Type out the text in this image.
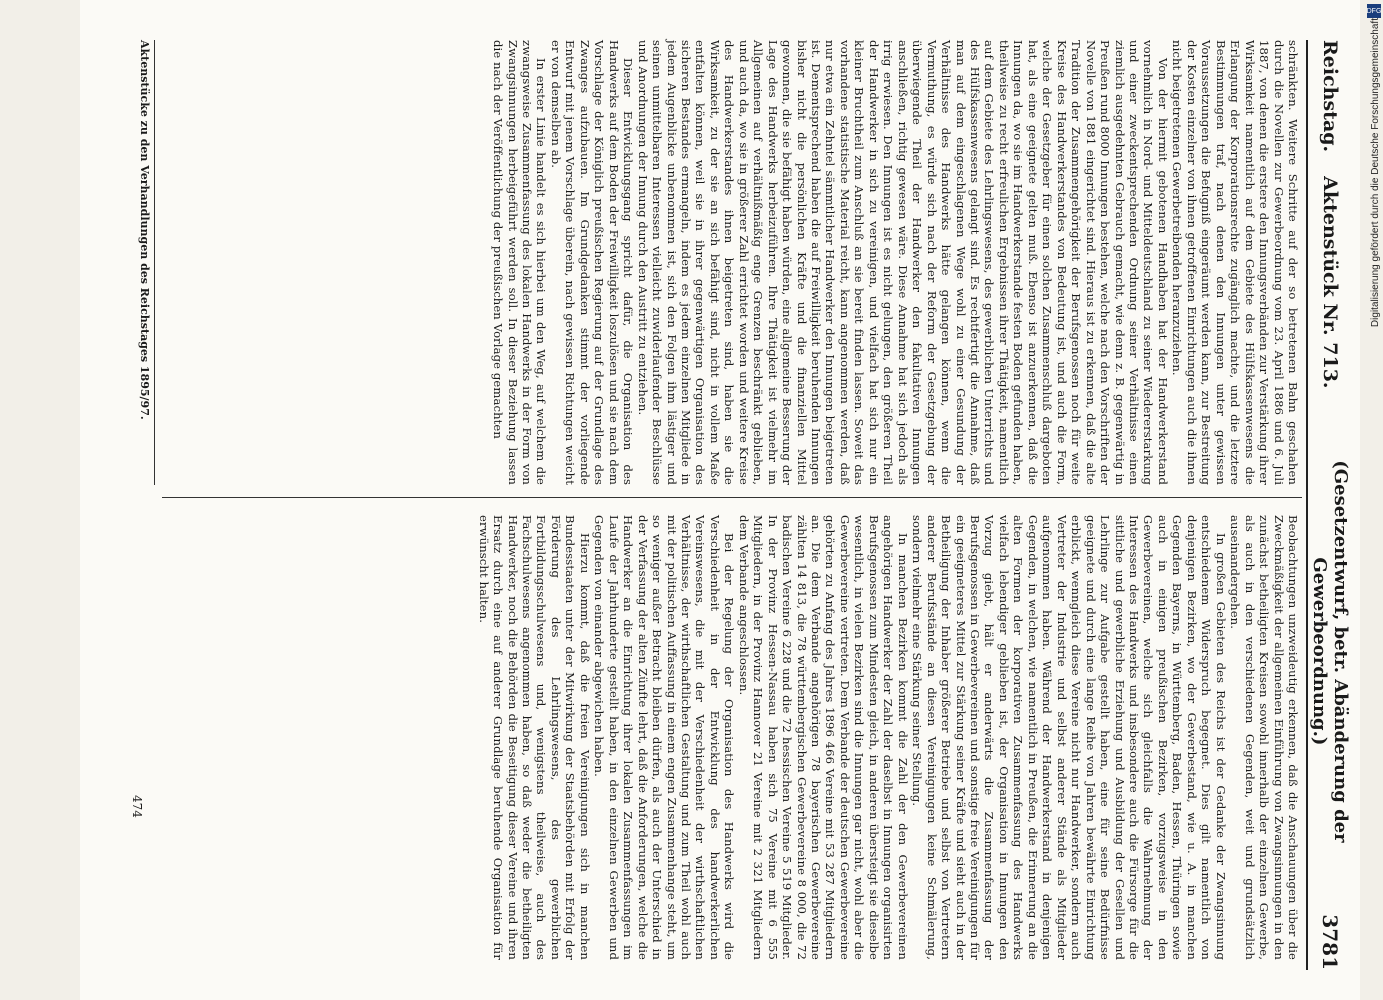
Reichstag.
Aktenstück Nr. 713.
(Gesetzentwurf, betr. Abänderung der Gewerbeordnung.)
3781

schränkten. Weitere Schritte auf der so betretenen Bahn geschahen durch die Novellen zur Gewerbeordnung vom 23. April 1886 und 6. Juli 1887, von denen die erstere den Innungsverbänden zur Verstärkung ihrer Wirksamkeit namentlich auf dem Gebiete des Hülfskassenwesens die Erlangung der Korporationsrechte zugänglich machte, und die letztere Bestimmungen traf, nach denen den Innungen unter gewissen Voraussetzungen die Befugniß eingeräumt werden kann, zur Bestreitung der Kosten einzelner von ihnen getroffenen Einrichtungen auch die ihnen nicht beigetretenen Gewerbetreibenden heranzuziehen.

Von der hiermit gebotenen Handhaben hat der Handwerkerstand vornehmlich in Nord- und Mitteldeutschland zu seiner Wiedererstarkung und einer zweckentsprechenden Ordnung seiner Verhältnisse einen ziemlich ausgedehnten Gebrauch gemacht, wie denn z. B. gegenwärtig in Preußen rund 8000 Innungen bestehen, welche nach den Vorschriften der Novelle von 1881 eingerichtet sind. Hieraus ist zu erkennen, daß die alte Tradition der Zusammengehörigkeit der Berufsgenossen noch für weite Kreise des Handwerkerstandes von Bedeutung ist, und auch die Form, welche der Gesetzgeber für einen solchen Zusammenschluß dargeboten hat, als eine geeignete gelten muß. Ebenso ist anzuerkennen, daß die Innungen da, wo sie im Handwerkerstande festen Boden gefunden haben, theilweise zu recht erfreulichen Ergebnissen ihrer Thätigkeit, namentlich auf dem Gebiete des Lehrlingswesens, des gewerblichen Unterrichts und des Hülfskassenwesens gelangt sind. Es rechtfertigt die Annahme, daß man auf dem eingeschlagenen Wege wohl zu einer Gesundung der Verhältnisse des Handwerks hätte gelangen können, wenn die Vermuthung, es würde sich nach der Reform der Gesetzgebung der überwiegende Theil der Handwerker den fakultativen Innungen anschließen, richtig gewesen wäre. Diese Annahme hat sich jedoch als irrig erwiesen. Den Innungen ist es nicht gelungen, den größeren Theil der Handwerker in sich zu vereinigen, und vielfach hat sich nur ein kleiner Bruchtheil zum Anschluß an sie bereit finden lassen. Soweit das vorhandene statistische Material reicht, kann angenommen werden, daß nur etwa ein Zehntel sämmtlicher Handwerker den Innungen beigetreten ist. Dementsprechend haben die auf Freiwilligkeit beruhenden Innungen bisher nicht die persönlichen Kräfte und die finanziellen Mittel gewonnen, die sie befähigt haben würden, eine allgemeine Besserung der Lage des Handwerks herbeizuführen. Ihre Thätigkeit ist vielmehr im Allgemeinen auf verhältnißmäßig enge Grenzen beschränkt geblieben, und auch da, wo sie in größerer Zahl errichtet worden und weitere Kreise des Handwerkerstandes ihnen beigetreten sind, haben sie die Wirksamkeit, zu der sie an sich befähigt sind, nicht in vollem Maße entfalten können, weil sie in ihrer gegenwärtigen Organisation des sicheren Bestandes ermangeln, indem es jedem einzelnen Mitgliede in jedem Augenblicke unbenommen ist, sich den Folgen ihm lästiger und seinen unmittelbaren Interessen vielleicht zuwiderlaufender Beschlüsse und Anordnungen der Innung durch den Austritt zu entziehen.

Dieser Entwicklungsgang spricht dafür, die Organisation des Handwerks auf dem Boden der Freiwilligkeit loszulösen und sie nach dem Vorschlage der Königlich preußischen Regierung auf der Grundlage des Zwanges aufzubauen. Im Grundgedanken stimmt der vorliegende Entwurf mit jenem Vorschlage überein, nach gewissen Richtungen weicht er von demselben ab.

In erster Linie handelt es sich hierbei um den Weg, auf welchem die zwangsweise Zusammenfassung des lokalen Handwerks in der Form von Zwangsinnungen herbeigeführt werden soll. In dieser Beziehung lassen die nach der Veröffentlichung der preußischen Vorlage gemachten

Beobachtungen unzweideutig erkennen, daß die Anschauungen über die Zweckmäßigkeit der allgemeinen Einführung von Zwangsinnungen in den zunächst betheiligten Kreisen sowohl innerhalb der einzelnen Gewerbe, als auch in den verschiedenen Gegenden, weit und grundsätzlich auseinandergehen.

In großen Gebieten des Reichs ist der Gedanke der Zwangsinnung entschiedenem Widerspruch begegnet. Dies gilt namentlich von denjenigen Bezirken, wo der Gewerbestand, wie u. A. in manchen Gegenden Bayerns, in Württemberg, Baden, Hessen, Thüringen sowie auch in einigen preußischen Bezirken, vorzugsweise in den Gewerbevereinen, welche sich gleichfalls die Wahrnehmung der Interessen des Handwerks und insbesondere auch die Fürsorge für die sittliche und gewerbliche Erziehung und Ausbildung der Gesellen und Lehrlinge zur Aufgabe gestellt haben, eine für seine Bedürfnisse geeignete und durch eine lange Reihe von Jahren bewährte Einrichtung erblickt, wenngleich diese Vereine nicht nur Handwerker, sondern auch Vertreter der Industrie und selbst anderer Stände als Mitglieder aufgenommen haben. Während der Handwerkerstand in denjenigen Gegenden, in welchen, wie namentlich in Preußen, die Erinnerung an die alten Formen der korporativen Zusammenfassung des Handwerks vielfach lebendiger geblieben ist, der Organisation in Innungen den Vorzug giebt, hält er anderwärts die Zusammenfassung der Berufsgenossen in Gewerbevereinen und sonstige freie Vereinigungen für ein geeigneteres Mittel zur Stärkung seiner Kräfte und sieht auch in der Betheiligung der Inhaber größerer Betriebe und selbst von Vertretern anderer Berufsstände an diesen Vereinigungen keine Schmälerung, sondern vielmehr eine Stärkung seiner Stellung.

In manchen Bezirken kommt die Zahl der den Gewerbevereinen angehörigen Handwerker der Zahl der daselbst in Innungen organisirten Berufsgenossen zum Mindesten gleich, in anderen übersteigt sie dieselbe wesentlich, in vielen Bezirken sind die Innungen gar nicht, wohl aber die Gewerbevereine vertreten. Dem Verbande der deutschen Gewerbevereine gehörten zu Anfang des Jahres 1896 466 Vereine mit 53 287 Mitgliedern an. Die dem Verbande angehörigen 78 bayerischen Gewerbevereine zählten 14 813, die 78 württembergischen Gewerbevereine 8 000, die 72 badischen Vereine 6 228 und die 72 hessischen Vereine 5 519 Mitglieder. In der Provinz Hessen-Nassau haben sich 75 Vereine mit 6 555 Mitgliedern, in der Provinz Hannover 21 Vereine mit 2 321 Mitgliedern dem Verbande angeschlossen.

Bei der Regelung der Organisation des Handwerks wird die Verschiedenheit in der Entwicklung des handwerkerlichen Vereinswesens, die mit der Verschiedenheit der wirthschaftlichen Verhältnisse, der wirthschaftlichen Gestaltung und zum Theil wohl auch mit der politischen Auffassung in einem engen Zusammenhange steht, um so weniger außer Betracht bleiben dürfen, als auch der Unterschied in der Verfassung der alten Zünfte lehrt, daß die Anforderungen, welche die Handwerker an die Einrichtung ihrer lokalen Zusammenfassungen im Laufe der Jahrhunderte gestellt haben, in den einzelnen Gewerben und Gegenden von einander abgewichen haben.

Hierzu kommt, daß die freien Vereinigungen sich in manchen Bundesstaaten unter der Mitwirkung der Staatsbehörden mit Erfolg der Förderung des Lehrlingswesens, des gewerblichen Fortbildungsschulwesens und, wenigstens theilweise, auch des Fachschulwesens angenommen haben, so daß weder die betheiligten Handwerker, noch die Behörden die Beseitigung dieser Vereine und ihren Ersatz durch eine auf anderer Grundlage beruhende Organisation für erwünscht halten.

Aktenstücke zu den Verhandlungen des Reichstages 1895/97.
474
DFG
Digitalisierung gefördert durch die Deutsche Forschungsgemeinschaft
